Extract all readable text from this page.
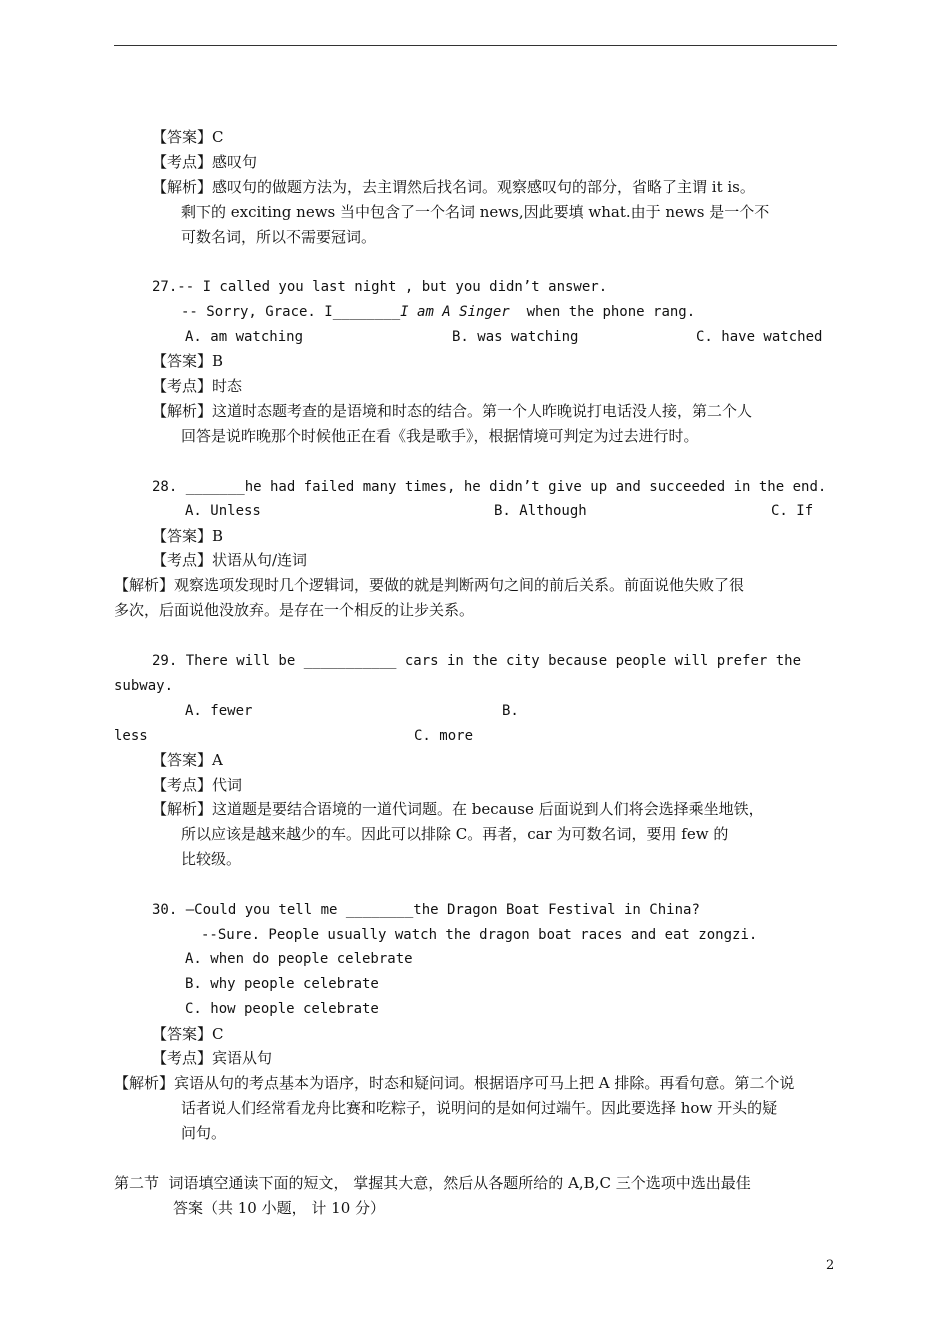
【答案】C
【考点】感叹句
【解析】感叹句的做题方法为，去主谓然后找名词。观察感叹句的部分，省略了主谓 it is。
剩下的 exciting news 当中包含了一个名词 news,因此要填 what.由于 news 是一个不
可数名词，所以不需要冠词。
27.-- I called you last night , but you didn’t answer.
-- Sorry, Grace. I________I am A Singer  when the phone rang.
A. am watching	B. was watching	C. have watched
【答案】B
【考点】时态
【解析】这道时态题考查的是语境和时态的结合。第一个人昨晚说打电话没人接，第二个人
回答是说昨晚那个时候他正在看《我是歌手》，根据情境可判定为过去进行时。
28. _______he had failed many times, he didn’t give up and succeeded in the end.
A. Unless	B. Although	C. If
【答案】B
【考点】状语从句/连词
【解析】观察选项发现时几个逻辑词，要做的就是判断两句之间的前后关系。前面说他失败了很
多次，后面说他没放弃。是存在一个相反的让步关系。
29. There will be ___________ cars in the city because people will prefer the
subway.
A. fewer	B.
less	C. more
【答案】A
【考点】代词
【解析】这道题是要结合语境的一道代词题。在 because 后面说到人们将会选择乘坐地铁，
所以应该是越来越少的车。因此可以排除 C。再者，car 为可数名词，要用 few 的
比较级。
30. –Could you tell me ________the Dragon Boat Festival in China?
--Sure. People usually watch the dragon boat races and eat zongzi.
A. when do people celebrate
B. why people celebrate
C. how people celebrate
【答案】C
【考点】宾语从句
【解析】宾语从句的考点基本为语序，时态和疑问词。根据语序可马上把 A 排除。再看句意。第二个说
话者说人们经常看龙舟比赛和吃粽子，说明问的是如何过端午。因此要选择 how 开头的疑
问句。
第二节  词语填空通读下面的短文， 掌握其大意，然后从各题所给的 A,B,C 三个选项中选出最佳
答案（共 10 小题， 计 10 分）
2
